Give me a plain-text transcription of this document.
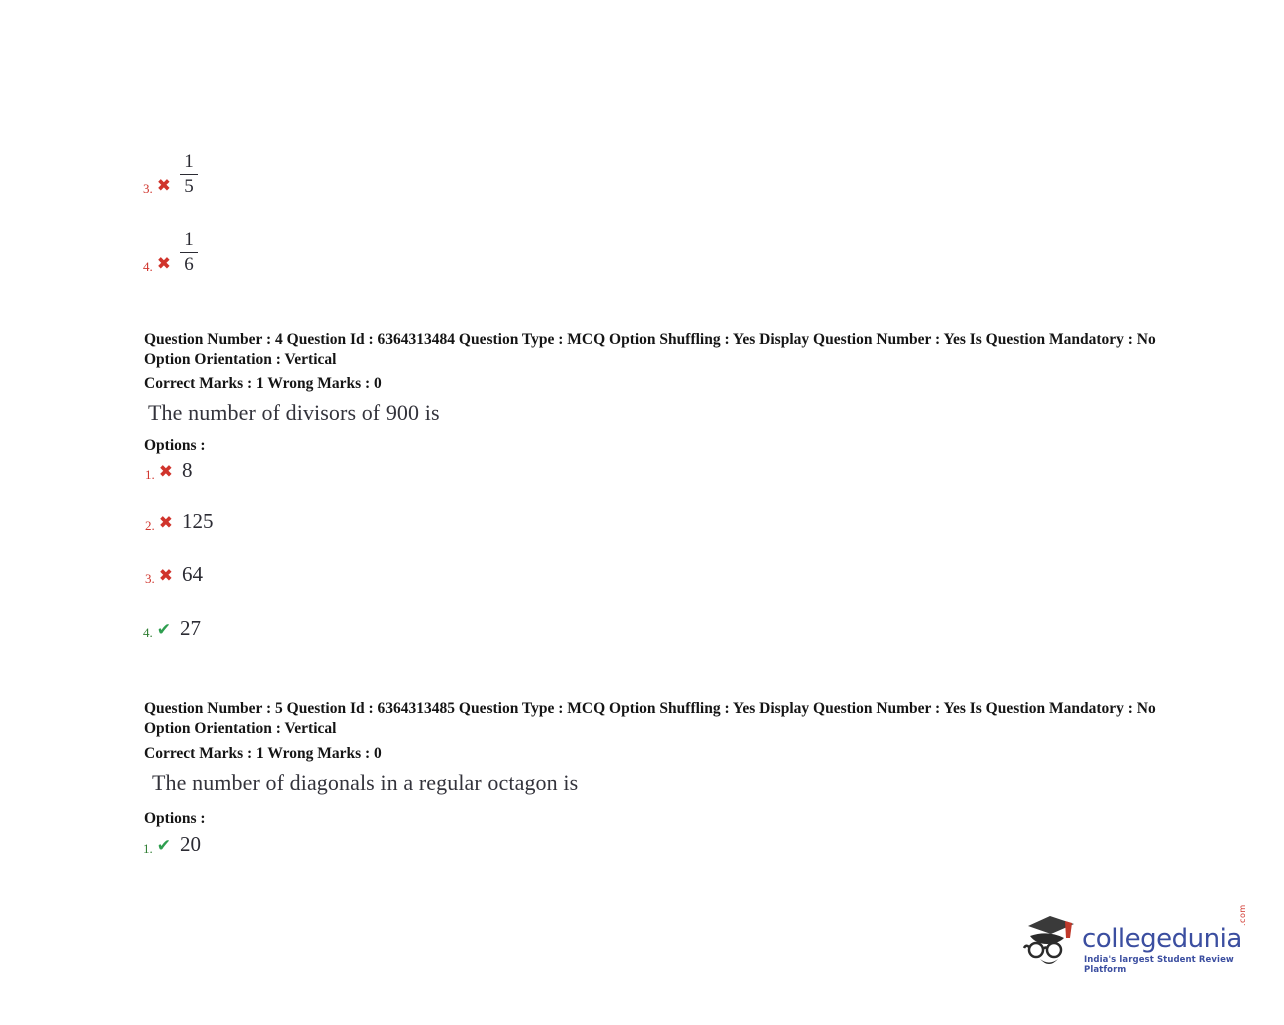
3. ✖ $\frac{1}{5}$
4. ✖ $\frac{1}{6}$
Question Number : 4 Question Id : 6364313484 Question Type : MCQ Option Shuffling : Yes Display Question Number : Yes Is Question Mandatory : No Option Orientation : Vertical
Correct Marks : 1 Wrong Marks : 0
The number of divisors of 900 is
Options :
1. ✖ 8
2. ✖ 125
3. ✖ 64
4. ✔ 27
Question Number : 5 Question Id : 6364313485 Question Type : MCQ Option Shuffling : Yes Display Question Number : Yes Is Question Mandatory : No Option Orientation : Vertical
Correct Marks : 1 Wrong Marks : 0
The number of diagonals in a regular octagon is
Options :
1. ✔ 20
collegedunia
.com
India's largest Student Review Platform
